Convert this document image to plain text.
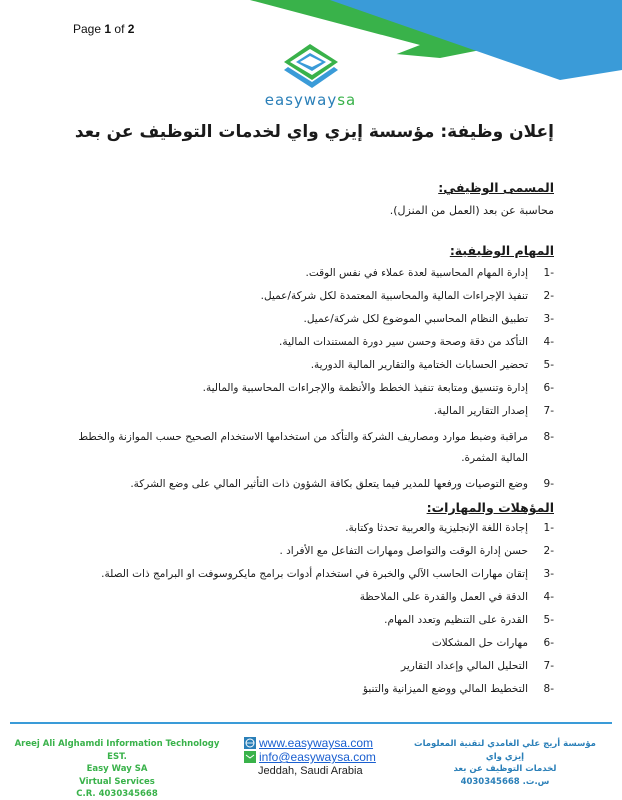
Page 1 of 2
easywaysa
إعلان وظيفة: مؤسسة إيزي واي لخدمات التوظيف عن بعد
المسمى الوظيفي:
محاسبة عن بعد (العمل من المنزل).
المهام الوظيفية:
-1
إدارة المهام المحاسبية لعدة عملاء في نفس الوقت.
-2
تنفيذ الإجراءات المالية والمحاسبية المعتمدة لكل شركة/عميل.
-3
تطبيق النظام المحاسبي الموضوع لكل شركة/عميل.
-4
التأكد من دقة وصحة وحسن سير دورة المستندات المالية.
-5
تحضير الحسابات الختامية والتقارير المالية الدورية.
-6
إدارة وتنسيق ومتابعة تنفيذ الخطط والأنظمة والإجراءات المحاسبية والمالية.
-7
إصدار التقارير المالية.
-8
مراقبة وضبط موارد ومصاريف الشركة والتأكد من استخدامها الاستخدام الصحيح حسب الموازنة والخطط المالية المثمرة.
-9
وضع التوصيات ورفعها للمدير فيما يتعلق بكافة الشؤون ذات التأثير المالي على وضع الشركة.
المؤهلات والمهارات:
-1
إجادة اللغة الإنجليزية والعربية تحدثا وكتابة.
-2
حسن إدارة الوقت والتواصل ومهارات التفاعل مع الأفراد .
-3
إتقان مهارات الحاسب الآلي والخبرة في استخدام أدوات برامج مايكروسوفت او البرامج ذات الصلة.
-4
الدقة في العمل والقدرة على الملاحظة
-5
القدرة على التنظيم وتعدد المهام.
-6
مهارات حل المشكلات
-7
التحليل المالي وإعداد التقارير
-8
التخطيط المالي ووضع الميزانية والتنبؤ
Areej Ali Alghamdi Information Technology EST.
Easy Way SA
Virtual Services
C.R. 4030345668
www.easywaysa.com
info@easywaysa.com
Jeddah, Saudi Arabia
مؤسسة أريج علي الغامدي لتقنية المعلومات
إيزي واي
لخدمات التوظيف عن بعد
س.ت. 4030345668
